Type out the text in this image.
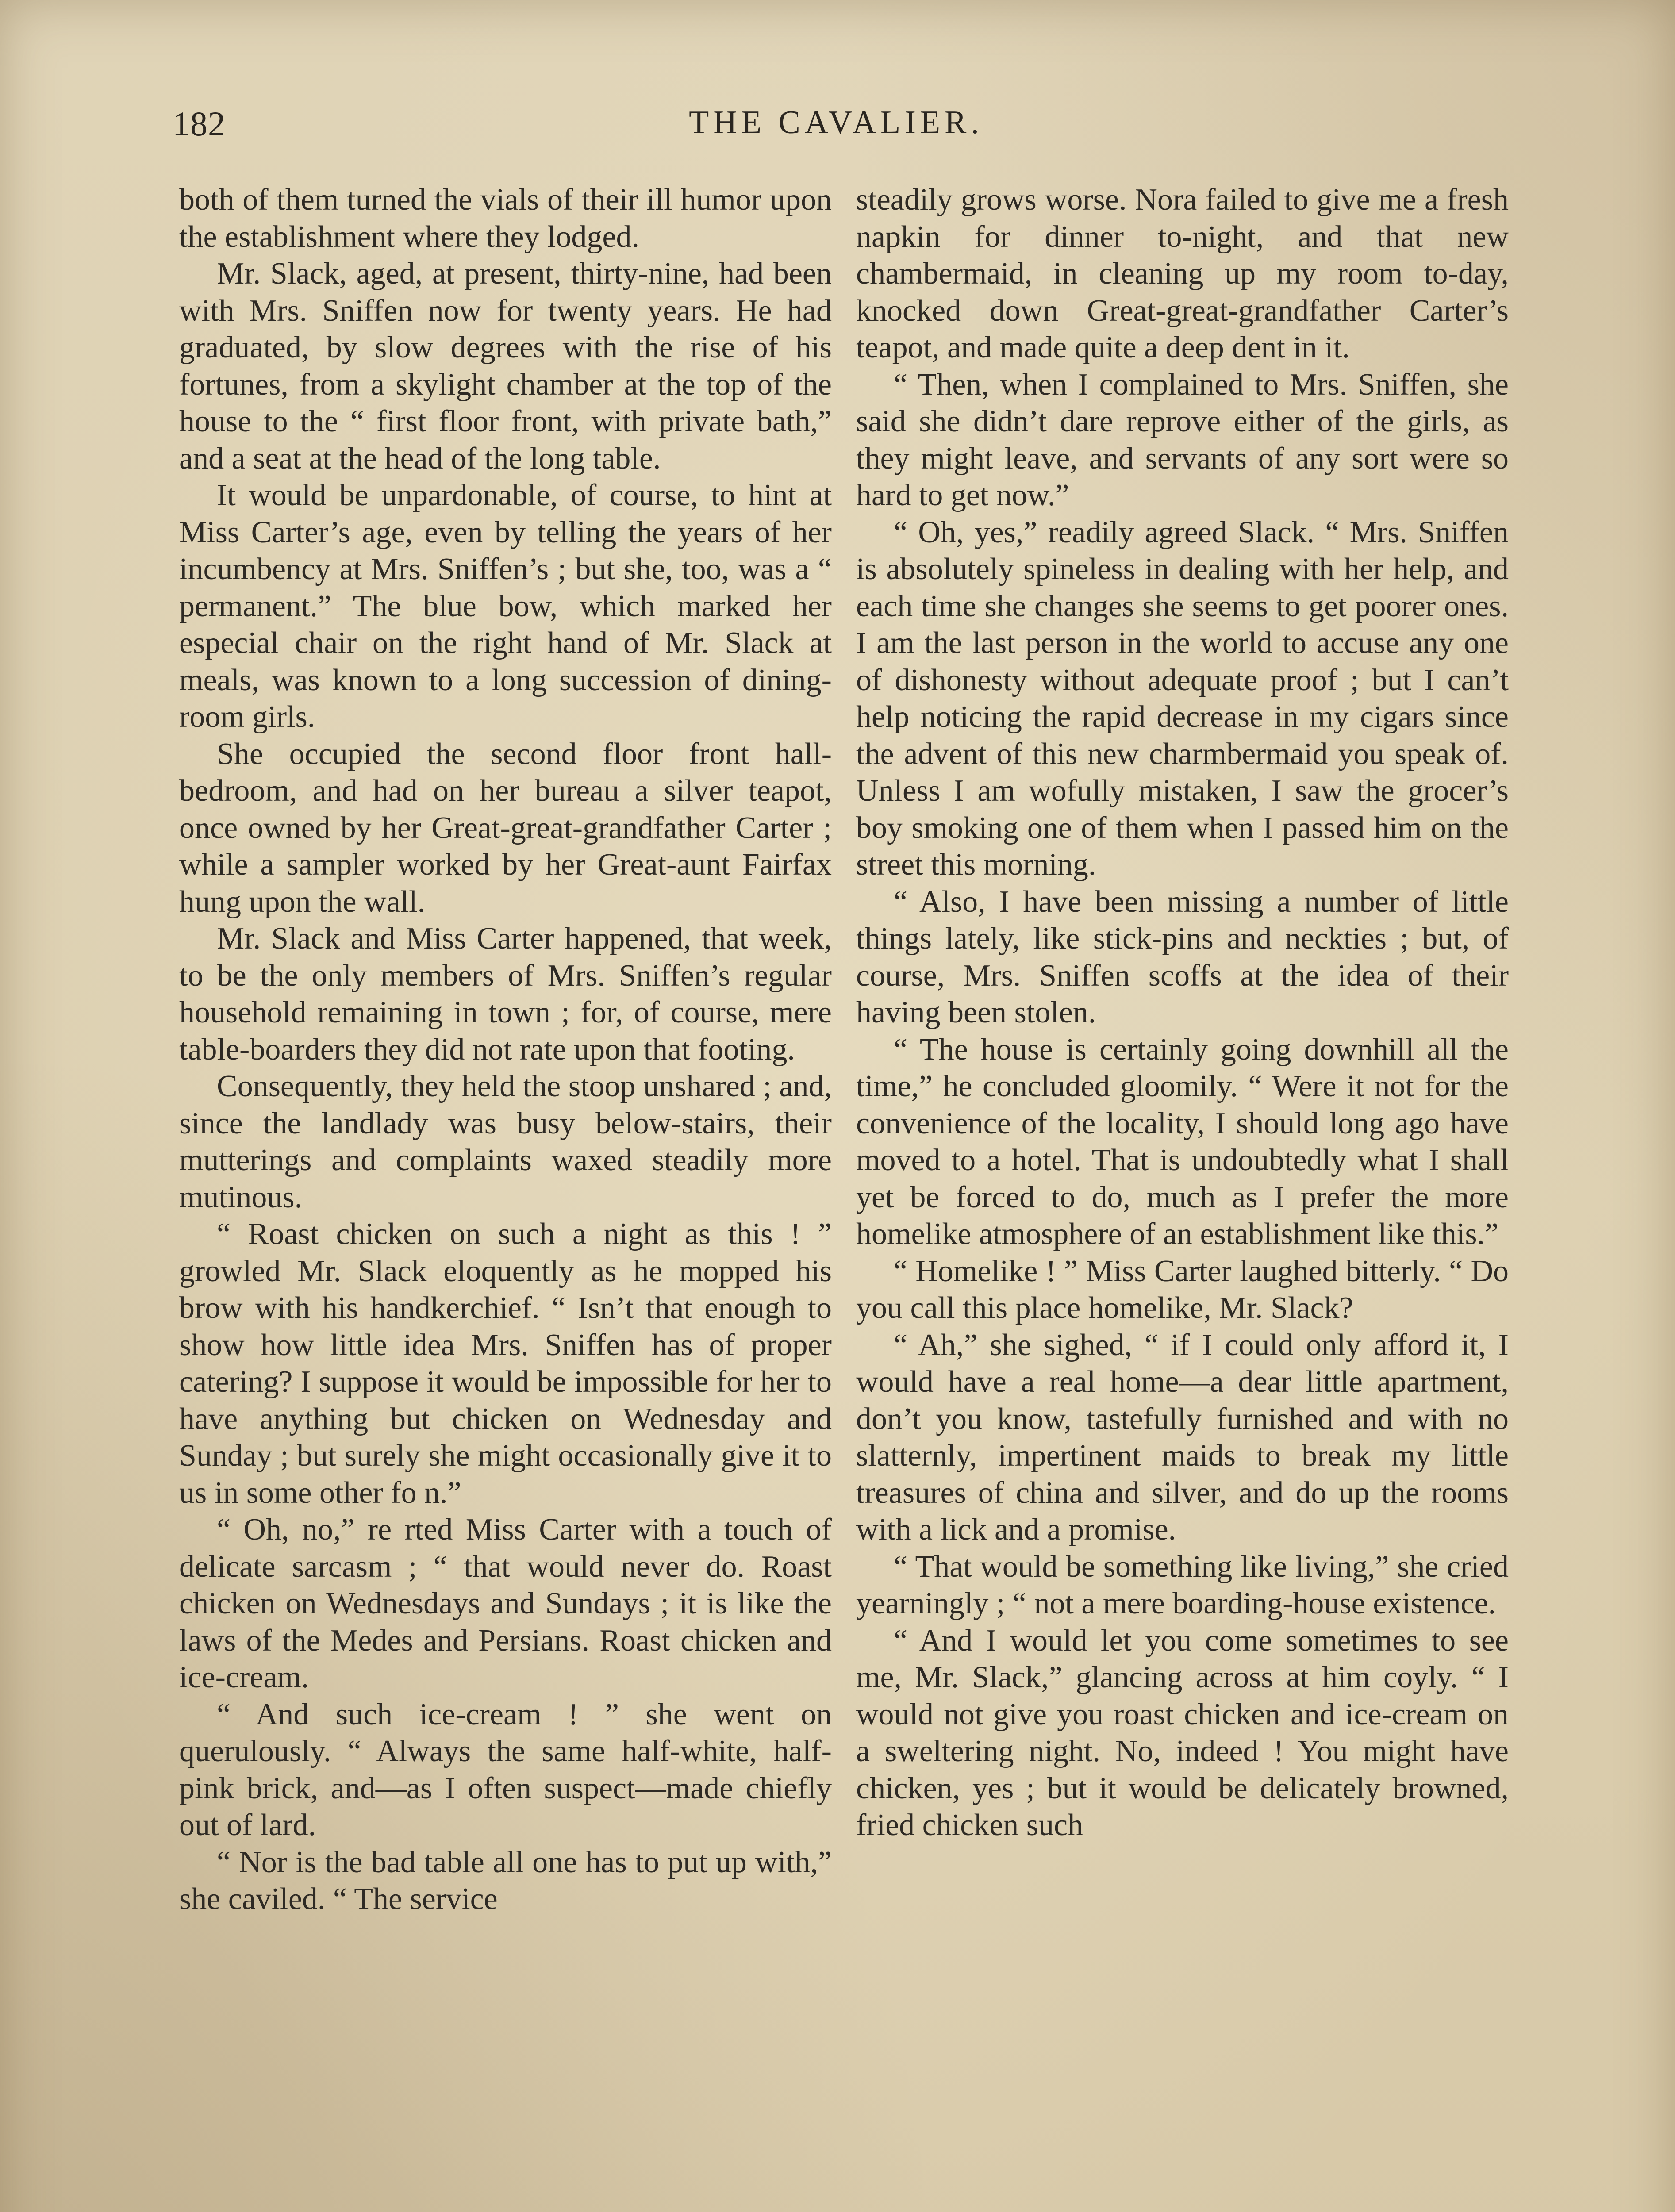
182	THE CAVALIER.

both of them turned the vials of their ill humor upon the establishment where they lodged.

Mr. Slack, aged, at present, thirty-nine, had been with Mrs. Sniffen now for twenty years. He had graduated, by slow degrees with the rise of his fortunes, from a skylight chamber at the top of the house to the “ first floor front, with private bath,” and a seat at the head of the long table.

It would be unpardonable, of course, to hint at Miss Carter’s age, even by telling the years of her incumbency at Mrs. Sniffen’s ; but she, too, was a “ permanent.” The blue bow, which marked her especial chair on the right hand of Mr. Slack at meals, was known to a long succession of dining-room girls.

She occupied the second floor front hall-bedroom, and had on her bureau a silver teapot, once owned by her Great-great-grandfather Carter ; while a sampler worked by her Great-aunt Fairfax hung upon the wall.

Mr. Slack and Miss Carter happened, that week, to be the only members of Mrs. Sniffen’s regular household remaining in town ; for, of course, mere table-boarders they did not rate upon that footing.

Consequently, they held the stoop unshared ; and, since the landlady was busy below-stairs, their mutterings and complaints waxed steadily more mutinous.

“ Roast chicken on such a night as this ! ” growled Mr. Slack eloquently as he mopped his brow with his handkerchief. “ Isn’t that enough to show how little idea Mrs. Sniffen has of proper catering? I suppose it would be impossible for her to have anything but chicken on Wednesday and Sunday ; but surely she might occasionally give it to us in some other fo n.”

“ Oh, no,” re rted Miss Carter with a touch of delicate sarcasm ; “ that would never do. Roast chicken on Wednesdays and Sundays ; it is like the laws of the Medes and Persians. Roast chicken and ice-cream.

“ And such ice-cream ! ” she went on querulously. “ Always the same half-white, half-pink brick, and—as I often suspect—made chiefly out of lard.

“ Nor is the bad table all one has to put up with,” she caviled. “ The service

steadily grows worse. Nora failed to give me a fresh napkin for dinner to-night, and that new chambermaid, in cleaning up my room to-day, knocked down Great-great-grandfather Carter’s teapot, and made quite a deep dent in it.

“ Then, when I complained to Mrs. Sniffen, she said she didn’t dare reprove either of the girls, as they might leave, and servants of any sort were so hard to get now.”

“ Oh, yes,” readily agreed Slack. “ Mrs. Sniffen is absolutely spineless in dealing with her help, and each time she changes she seems to get poorer ones. I am the last person in the world to accuse any one of dishonesty without adequate proof ; but I can’t help noticing the rapid decrease in my cigars since the advent of this new charmbermaid you speak of. Unless I am wofully mistaken, I saw the grocer’s boy smoking one of them when I passed him on the street this morning.

“ Also, I have been missing a number of little things lately, like stick-pins and neckties ; but, of course, Mrs. Sniffen scoffs at the idea of their having been stolen.

“ The house is certainly going downhill all the time,” he concluded gloomily. “ Were it not for the convenience of the locality, I should long ago have moved to a hotel. That is undoubtedly what I shall yet be forced to do, much as I prefer the more homelike atmosphere of an establishment like this.”

“ Homelike ! ” Miss Carter laughed bitterly. “ Do you call this place homelike, Mr. Slack?

“ Ah,” she sighed, “ if I could only afford it, I would have a real home—a dear little apartment, don’t you know, tastefully furnished and with no slatternly, impertinent maids to break my little treasures of china and silver, and do up the rooms with a lick and a promise.

“ That would be something like living,” she cried yearningly ; “ not a mere boarding-house existence.

“ And I would let you come sometimes to see me, Mr. Slack,” glancing across at him coyly. “ I would not give you roast chicken and ice-cream on a sweltering night. No, indeed ! You might have chicken, yes ; but it would be delicately browned, fried chicken such
